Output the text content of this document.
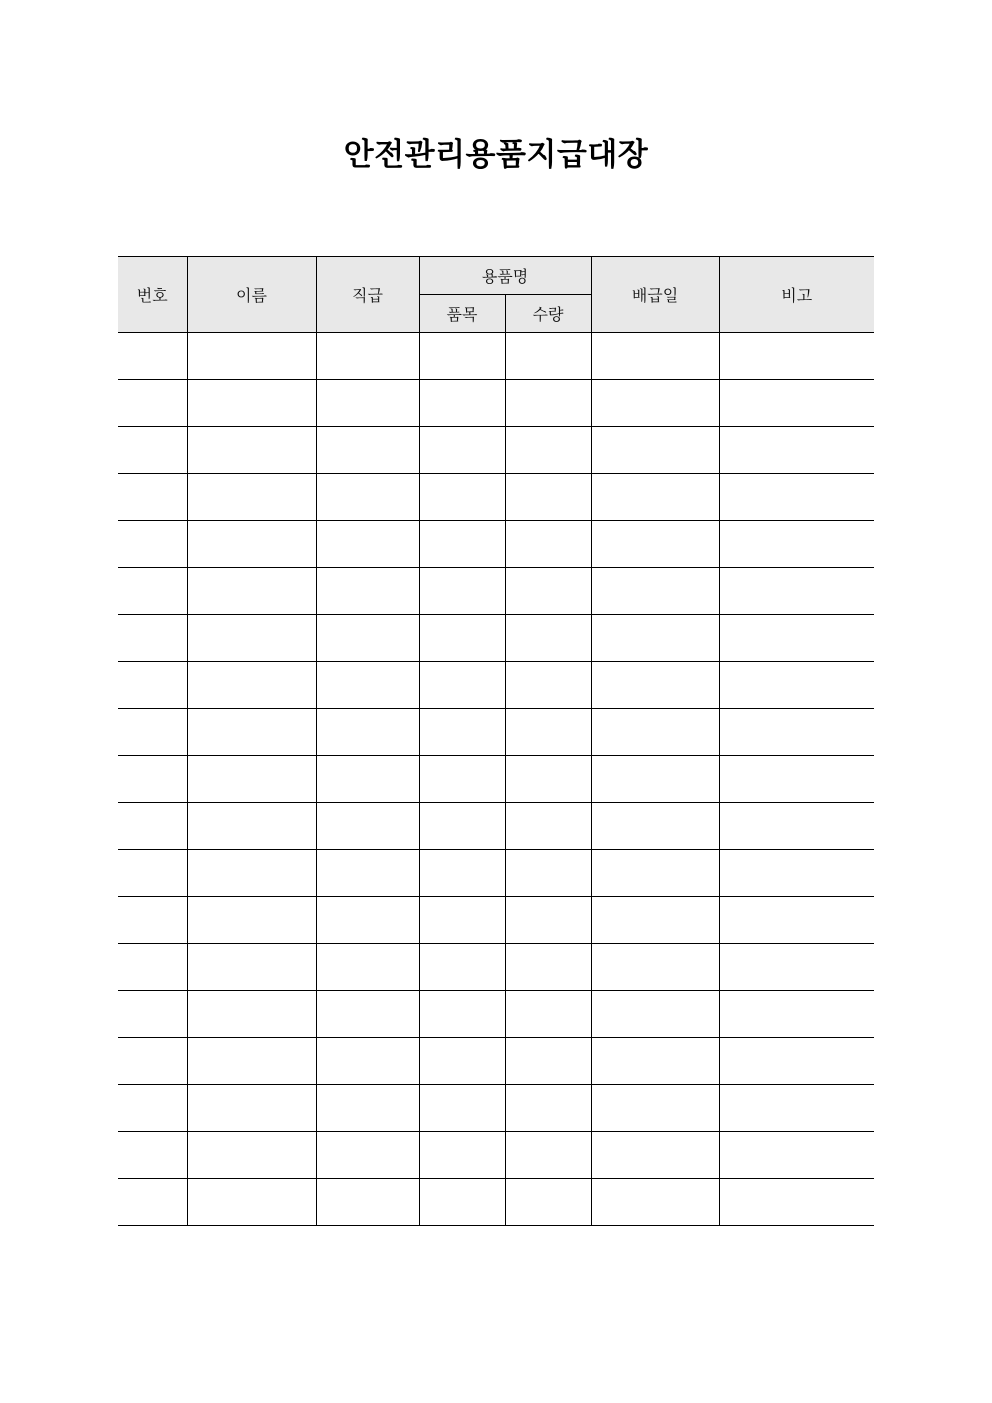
안전관리용품지급대장
번호	이름	직급	용품명		배급일	비고
			품목	수량		
